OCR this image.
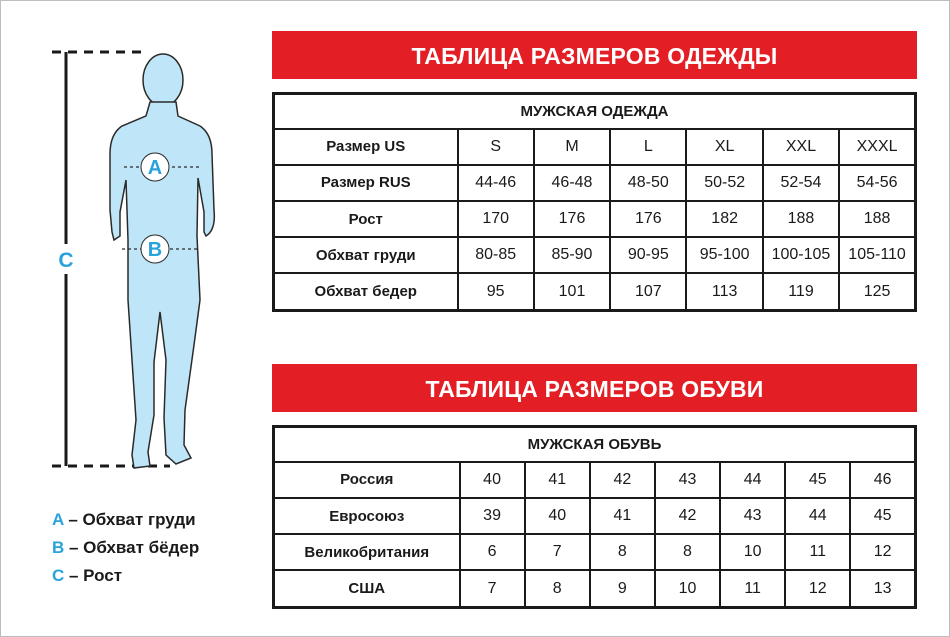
A
B
C
A – Обхват груди
B – Обхват бёдер
C – Рост
ТАБЛИЦА РАЗМЕРОВ ОДЕЖДЫ
МУЖСКАЯ ОДЕЖДА						
Размер US	S	M	L	XL	XXL	XXXL
Размер RUS	44-46	46-48	48-50	50-52	52-54	54-56
Рост	170	176	176	182	188	188
Обхват груди	80-85	85-90	90-95	95-100	100-105	105-110
Обхват бедер	95	101	107	113	119	125
ТАБЛИЦА РАЗМЕРОВ ОБУВИ
МУЖСКАЯ ОБУВЬ							
Россия	40	41	42	43	44	45	46
Евросоюз	39	40	41	42	43	44	45
Великобритания	6	7	8	8	10	11	12
США	7	8	9	10	11	12	13
